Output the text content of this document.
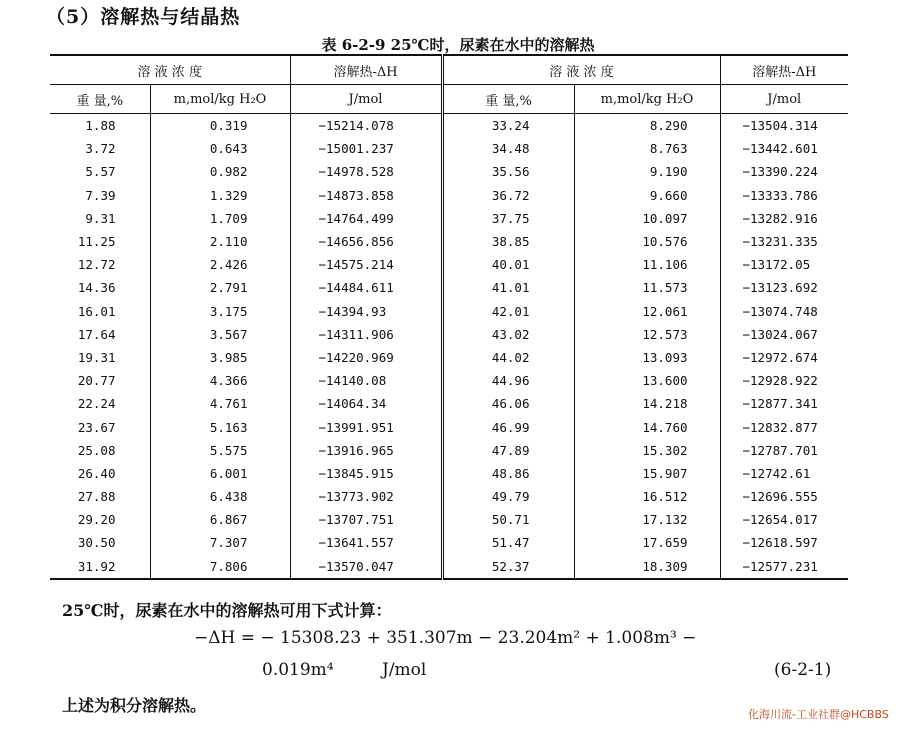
（5）溶解热与结晶热
表 6-2-9 25℃时，尿素在水中的溶解热
溶 液 浓 度		溶解热-ΔH	溶 液 浓 度		溶解热-ΔH
重 量,%	m,mol/kg H₂O	J/mol	重 量,%	m,mol/kg H₂O	J/mol
1.88	0.319	−15214.078	33.24	8.290	−13504.314
3.72	0.643	−15001.237	34.48	8.763	−13442.601
5.57	0.982	−14978.528	35.56	9.190	−13390.224
7.39	1.329	−14873.858	36.72	9.660	−13333.786
9.31	1.709	−14764.499	37.75	10.097	−13282.916
11.25	2.110	−14656.856	38.85	10.576	−13231.335
12.72	2.426	−14575.214	40.01	11.106	−13172.05
14.36	2.791	−14484.611	41.01	11.573	−13123.692
16.01	3.175	−14394.93	42.01	12.061	−13074.748
17.64	3.567	−14311.906	43.02	12.573	−13024.067
19.31	3.985	−14220.969	44.02	13.093	−12972.674
20.77	4.366	−14140.08	44.96	13.600	−12928.922
22.24	4.761	−14064.34	46.06	14.218	−12877.341
23.67	5.163	−13991.951	46.99	14.760	−12832.877
25.08	5.575	−13916.965	47.89	15.302	−12787.701
26.40	6.001	−13845.915	48.86	15.907	−12742.61
27.88	6.438	−13773.902	49.79	16.512	−12696.555
29.20	6.867	−13707.751	50.71	17.132	−12654.017
30.50	7.307	−13641.557	51.47	17.659	−12618.597
31.92	7.806	−13570.047	52.37	18.309	−12577.231
25℃时，尿素在水中的溶解热可用下式计算：
−ΔH = − 15308.23 + 351.307m − 23.204m² + 1.008m³ −
0.019m⁴	J/mol	(6-2-1)
上述为积分溶解热。	化海川流-工业社群@HCBBS
